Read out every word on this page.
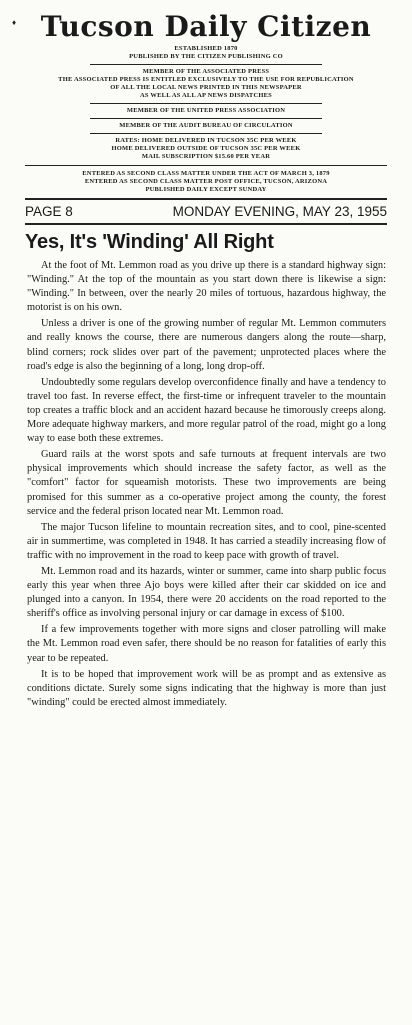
♦ Tucson Daily Citizen
ESTABLISHED 1870
PUBLISHED BY THE CITIZEN PUBLISHING CO
MEMBER OF THE ASSOCIATED PRESS
THE ASSOCIATED PRESS IS ENTITLED EXCLUSIVELY TO THE USE FOR REPUBLICATION
OF ALL THE LOCAL NEWS PRINTED IN THIS NEWSPAPER
AS WELL AS ALL AP NEWS DISPATCHES
MEMBER OF THE UNITED PRESS ASSOCIATION
MEMBER OF THE AUDIT BUREAU OF CIRCULATION
RATES: HOME DELIVERED IN TUCSON 35C PER WEEK
HOME DELIVERED OUTSIDE OF TUCSON 35C PER WEEK
MAIL SUBSCRIPTION $15.60 PER YEAR
ENTERED AS SECOND CLASS MATTER UNDER THE ACT OF MARCH 3, 1879
ENTERED AS SECOND CLASS MATTER POST OFFICE, TUCSON, ARIZONA
PUBLISHED DAILY EXCEPT SUNDAY
PAGE 8	MONDAY EVENING, MAY 23, 1955
Yes, It's 'Winding' All Right

At the foot of Mt. Lemmon road as you drive up there is a standard highway sign: "Winding." At the top of the mountain as you start down there is likewise a sign: "Winding." In between, over the nearly 20 miles of tortuous, hazardous highway, the motorist is on his own.

Unless a driver is one of the growing number of regular Mt. Lemmon commuters and really knows the course, there are numerous dangers along the route—sharp, blind corners; rock slides over part of the pavement; unprotected places where the road's edge is also the beginning of a long, long drop-off.

Undoubtedly some regulars develop overconfidence finally and have a tendency to travel too fast. In reverse effect, the first-time or infrequent traveler to the mountain top creates a traffic block and an accident hazard because he timorously creeps along. More adequate highway markers, and more regular patrol of the road, might go a long way to ease both these extremes.

Guard rails at the worst spots and safe turnouts at frequent intervals are two physical improvements which should increase the safety factor, as well as the "comfort" factor for squeamish motorists. These two improvements are being promised for this summer as a co-operative project among the county, the forest service and the federal prison located near Mt. Lemmon road.

The major Tucson lifeline to mountain recreation sites, and to cool, pine-scented air in summertime, was completed in 1948. It has carried a steadily increasing flow of traffic with no improvement in the road to keep pace with growth of travel.

Mt. Lemmon road and its hazards, winter or summer, came into sharp public focus early this year when three Ajo boys were killed after their car skidded on ice and plunged into a canyon. In 1954, there were 20 accidents on the road reported to the sheriff's office as involving personal injury or car damage in excess of $100.

If a few improvements together with more signs and closer patrolling will make the Mt. Lemmon road even safer, there should be no reason for fatalities of early this year to be repeated.

It is to be hoped that improvement work will be as prompt and as extensive as conditions dictate. Surely some signs indicating that the highway is more than just "winding" could be erected almost immediately.
